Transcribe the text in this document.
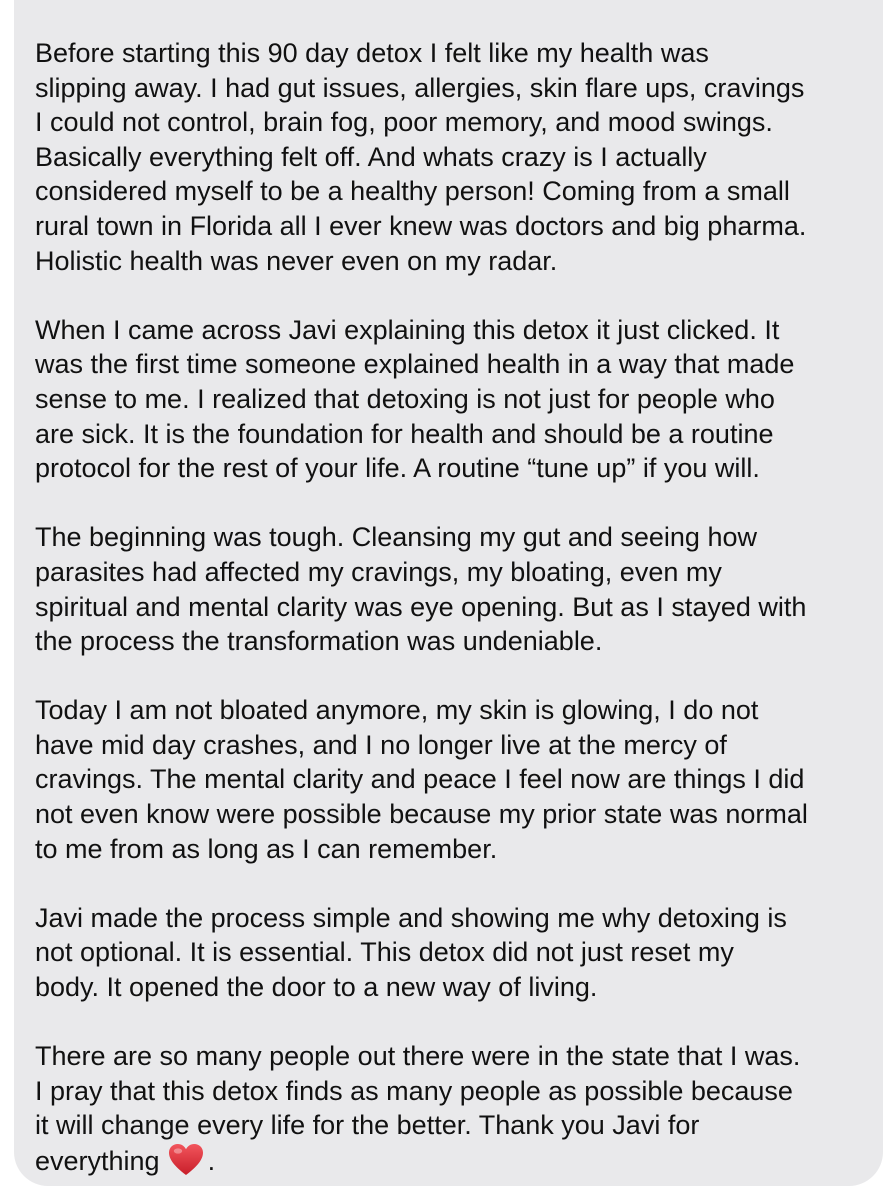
Before starting this 90 day detox I felt like my health was
slipping away. I had gut issues, allergies, skin flare ups, cravings
I could not control, brain fog, poor memory, and mood swings.
Basically everything felt off. And whats crazy is I actually
considered myself to be a healthy person! Coming from a small
rural town in Florida all I ever knew was doctors and big pharma.
Holistic health was never even on my radar.

When I came across Javi explaining this detox it just clicked. It
was the first time someone explained health in a way that made
sense to me. I realized that detoxing is not just for people who
are sick. It is the foundation for health and should be a routine
protocol for the rest of your life. A routine “tune up” if you will.

The beginning was tough. Cleansing my gut and seeing how
parasites had affected my cravings, my bloating, even my
spiritual and mental clarity was eye opening. But as I stayed with
the process the transformation was undeniable.

Today I am not bloated anymore, my skin is glowing, I do not
have mid day crashes, and I no longer live at the mercy of
cravings. The mental clarity and peace I feel now are things I did
not even know were possible because my prior state was normal
to me from as long as I can remember.

Javi made the process simple and showing me why detoxing is
not optional. It is essential. This detox did not just reset my
body. It opened the door to a new way of living.

There are so many people out there were in the state that I was.
I pray that this detox finds as many people as possible because
it will change every life for the better. Thank you Javi for
everything .
